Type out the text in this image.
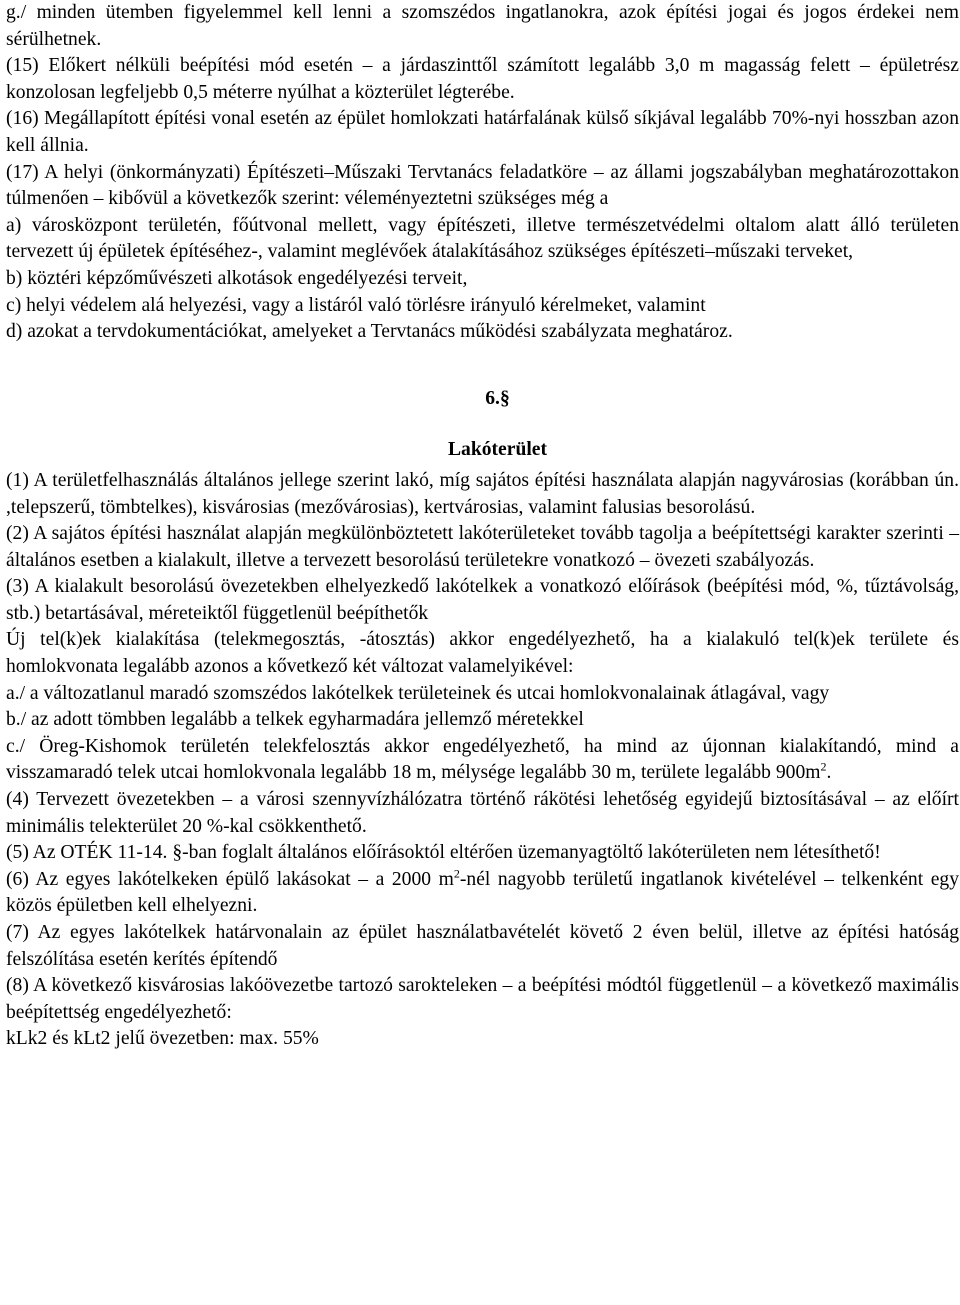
g./ minden ütemben figyelemmel kell lenni a szomszédos ingatlanokra, azok építési jogai és jogos érdekei nem sérülhetnek.

(15) Előkert nélküli beépítési mód esetén – a járdaszinttől számított legalább 3,0 m magasság felett – épületrész konzolosan legfeljebb 0,5 méterre nyúlhat a közterület légterébe.

(16) Megállapított építési vonal esetén az épület homlokzati határfalának külső síkjával legalább 70%-nyi hosszban azon kell állnia.

(17) A helyi (önkormányzati) Építészeti–Műszaki Tervtanács feladatköre – az állami jogszabályban meghatározottakon túlmenően – kibővül a következők szerint: véleményeztetni szükséges még a

a) városközpont területén, főútvonal mellett, vagy építészeti, illetve természetvédelmi oltalom alatt álló területen tervezett új épületek építéséhez-, valamint meglévőek átalakításához szükséges építészeti–műszaki terveket,

b) köztéri képzőművészeti alkotások engedélyezési terveit,

c) helyi védelem alá helyezési, vagy a listáról való törlésre irányuló kérelmeket, valamint

d) azokat a tervdokumentációkat, amelyeket a Tervtanács működési szabályzata meghatároz.

6.§

Lakóterület

(1) A területfelhasználás általános jellege szerint lakó, míg sajátos építési használata alapján nagyvárosias (korábban ún. ,telepszerű, tömbtelkes), kisvárosias (mezővárosias), kertvárosias, valamint falusias besorolású.

(2) A sajátos építési használat alapján megkülönböztetett lakóterületeket tovább tagolja a beépítettségi karakter szerinti – általános esetben a kialakult, illetve a tervezett besorolású területekre vonatkozó – övezeti szabályozás.

(3) A kialakult besorolású övezetekben elhelyezkedő lakótelkek a vonatkozó előírások (beépítési mód, %, tűztávolság, stb.) betartásával, méreteiktől függetlenül beépíthetők

Új tel(k)ek kialakítása (telekmegosztás, -átosztás) akkor engedélyezhető, ha a kialakuló tel(k)ek területe és homlokvonata legalább azonos a kővetkező két változat valamelyikével:

a./ a változatlanul maradó szomszédos lakótelkek területeinek és utcai homlokvonalainak átlagával, vagy

b./ az adott tömbben legalább a telkek egyharmadára jellemző méretekkel

c./ Öreg-Kishomok területén telekfelosztás akkor engedélyezhető, ha mind az újonnan kialakítandó, mind a visszamaradó telek utcai homlokvonala legalább 18 m, mélysége legalább 30 m, területe legalább $900m^2$.

(4) Tervezett övezetekben – a városi szennyvízhálózatra történő rákötési lehetőség egyidejű biztosításával – az előírt minimális telekterület 20 %-kal csökkenthető.

(5) Az OTÉK 11-14. §-ban foglalt általános előírásoktól eltérően üzemanyagtöltő lakóterületen nem létesíthető!

(6) Az egyes lakótelkeken épülő lakásokat – a 2000 $m^2$-nél nagyobb területű ingatlanok kivételével – telkenként egy közös épületben kell elhelyezni.

(7) Az egyes lakótelkek határvonalain az épület használatbavételét követő 2 éven belül, illetve az építési hatóság felszólítása esetén kerítés építendő

(8) A következő kisvárosias lakóövezetbe tartozó sarokteleken – a beépítési módtól függetlenül – a következő maximális beépítettség engedélyezhető:

kLk2 és kLt2 jelű övezetben: max. 55%
